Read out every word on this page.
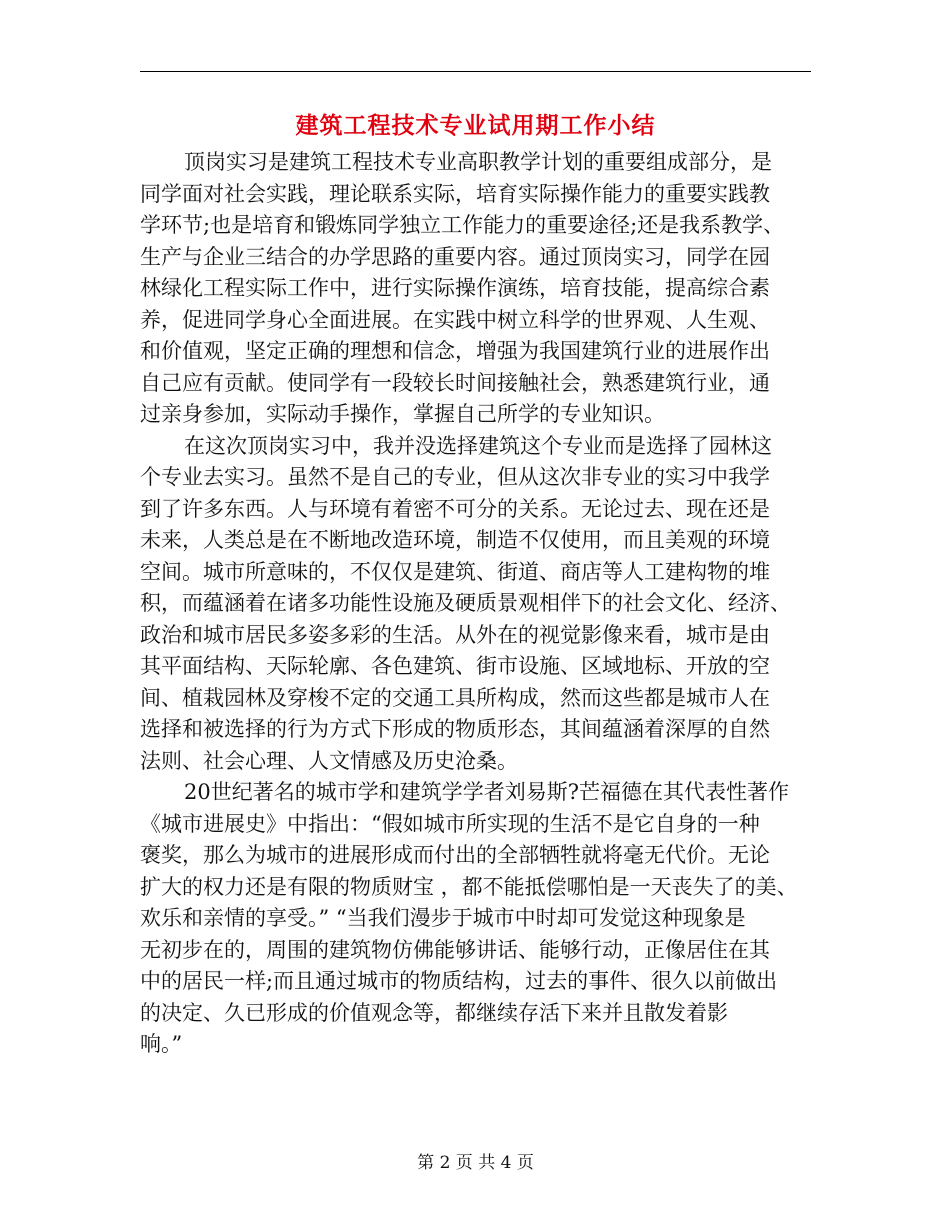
建筑工程技术专业试用期工作小结
顶岗实习是建筑工程技术专业高职教学计划的重要组成部分，是
同学面对社会实践，理论联系实际，培育实际操作能力的重要实践教
学环节;也是培育和锻炼同学独立工作能力的重要途径;还是我系教学、
生产与企业三结合的办学思路的重要内容。通过顶岗实习，同学在园
林绿化工程实际工作中，进行实际操作演练，培育技能，提高综合素
养，促进同学身心全面进展。在实践中树立科学的世界观、人生观、
和价值观，坚定正确的理想和信念，增强为我国建筑行业的进展作出
自己应有贡献。使同学有一段较长时间接触社会，熟悉建筑行业，通
过亲身参加，实际动手操作，掌握自己所学的专业知识。
在这次顶岗实习中，我并没选择建筑这个专业而是选择了园林这
个专业去实习。虽然不是自己的专业，但从这次非专业的实习中我学
到了许多东西。人与环境有着密不可分的关系。无论过去、现在还是
未来，人类总是在不断地改造环境，制造不仅使用，而且美观的环境
空间。城市所意味的，不仅仅是建筑、街道、商店等人工建构物的堆
积，而蕴涵着在诸多功能性设施及硬质景观相伴下的社会文化、经济、
政治和城市居民多姿多彩的生活。从外在的视觉影像来看，城市是由
其平面结构、天际轮廓、各色建筑、街市设施、区域地标、开放的空
间、植栽园林及穿梭不定的交通工具所构成，然而这些都是城市人在
选择和被选择的行为方式下形成的物质形态，其间蕴涵着深厚的自然
法则、社会心理、人文情感及历史沧桑。
20世纪著名的城市学和建筑学学者刘易斯?芒福德在其代表性著作
《城市进展史》中指出：“假如城市所实现的生活不是它自身的一种
褒奖，那么为城市的进展形成而付出的全部牺牲就将毫无代价。无论
扩大的权力还是有限的物质财宝 ，都不能抵偿哪怕是一天丧失了的美、
欢乐和亲情的享受。” “当我们漫步于城市中时却可发觉这种现象是
无初步在的，周围的建筑物仿佛能够讲话、能够行动，正像居住在其
中的居民一样;而且通过城市的物质结构，过去的事件、很久以前做出
的决定、久已形成的价值观念等，都继续存活下来并且散发着影
响。”
第 2 页 共 4 页
